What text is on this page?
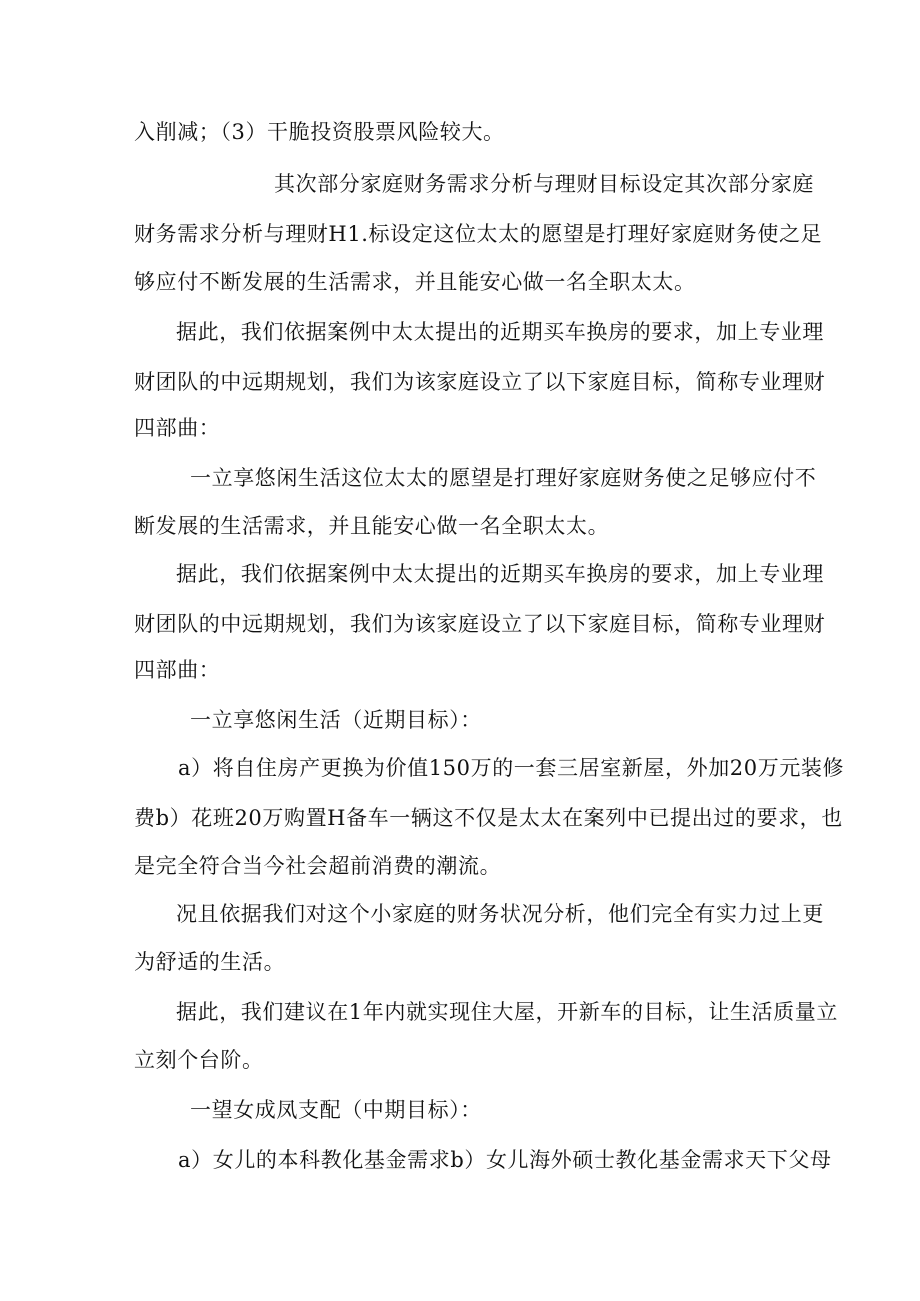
入削减；（3）干脆投资股票风险较大。
其次部分家庭财务需求分析与理财目标设定其次部分家庭
财务需求分析与理财H1.标设定这位太太的愿望是打理好家庭财务使之足
够应付不断发展的生活需求，并且能安心做一名全职太太。
据此，我们依据案例中太太提出的近期买车换房的要求，加上专业理
财团队的中远期规划，我们为该家庭设立了以下家庭目标，简称专业理财
四部曲：
一立享悠闲生活这位太太的愿望是打理好家庭财务使之足够应付不
断发展的生活需求，并且能安心做一名全职太太。
据此，我们依据案例中太太提出的近期买车换房的要求，加上专业理
财团队的中远期规划，我们为该家庭设立了以下家庭目标，简称专业理财
四部曲：
一立享悠闲生活（近期目标）：
a）将自住房产更换为价值150万的一套三居室新屋，外加20万元装修
费b）花班20万购置H备车一辆这不仅是太太在案列中已提出过的要求，也
是完全符合当今社会超前消费的潮流。
况且依据我们对这个小家庭的财务状况分析，他们完全有实力过上更
为舒适的生活。
据此，我们建议在1年内就实现住大屋，开新车的目标，让生活质量立
立刻个台阶。
一望女成凤支配（中期目标）：
a）女儿的本科教化基金需求b）女儿海外硕士教化基金需求天下父母
